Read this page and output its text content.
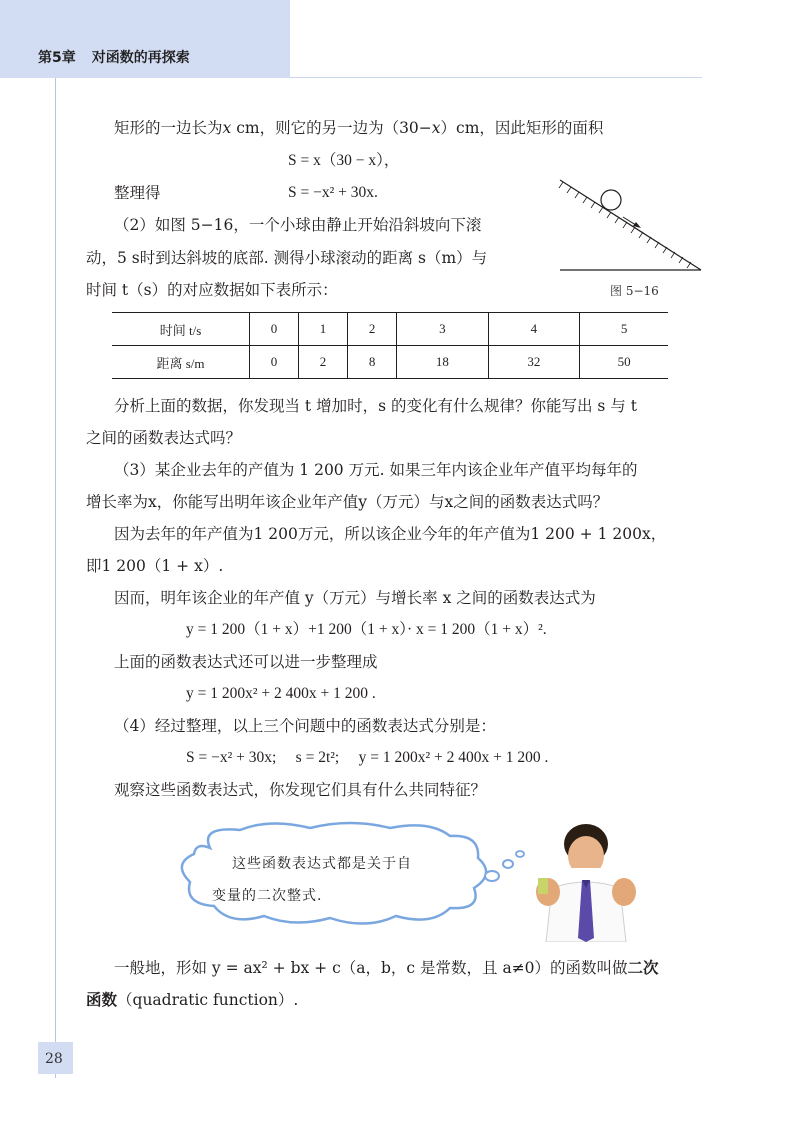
第5章 对函数的再探索
矩形的一边长为x cm，则它的另一边为（30−x）cm，因此矩形的面积
S = x（30 − x），
整理得	S = −x² + 30x.
（2）如图 5−16，一个小球由静止开始沿斜坡向下滚
动，5 s时到达斜坡的底部. 测得小球滚动的距离 s（m）与
时间 t（s）的对应数据如下表所示：	图 5−16
时间 t/s	0	1	2	3	4	5
距离 s/m	0	2	8	18	32	50
分析上面的数据，你发现当 t 增加时，s 的变化有什么规律？你能写出 s 与 t
之间的函数表达式吗？
（3）某企业去年的产值为 1 200 万元. 如果三年内该企业年产值平均每年的
增长率为x，你能写出明年该企业年产值y（万元）与x之间的函数表达式吗？
因为去年的年产值为1 200万元，所以该企业今年的年产值为1 200 + 1 200x，
即1 200（1 + x）.
因而，明年该企业的年产值 y（万元）与增长率 x 之间的函数表达式为
y = 1 200（1 + x）+1 200（1 + x）· x = 1 200（1 + x）².
上面的函数表达式还可以进一步整理成
y = 1 200x² + 2 400x + 1 200 .
（4）经过整理，以上三个问题中的函数表达式分别是：
S = −x² + 30x;     s = 2t²;     y = 1 200x² + 2 400x + 1 200 .
观察这些函数表达式，你发现它们具有什么共同特征？
这些函数表达式都是关于自
变量的二次整式.
一般地，形如 y = ax² + bx + c（a，b，c 是常数，且 a≠0）的函数叫做二次
函数（quadratic function）.
28
